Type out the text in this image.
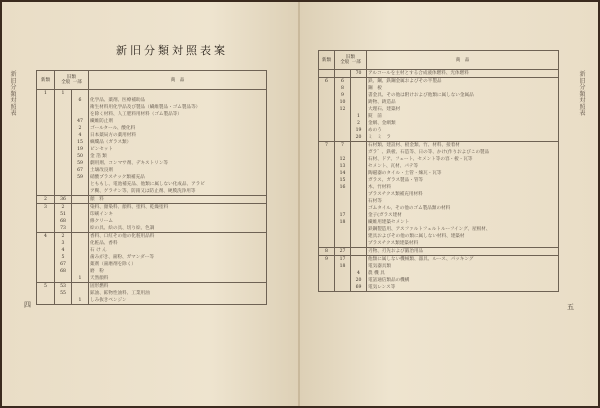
新旧分類対照表
新旧分類対照表案
四
新類	旧類
全般 一部		商　品
1	1		
		6	化学品、薬剤、医療補助品
			衛生材料用化学品及び製品（繊維製品・ゴム製品等）
			を除く材料、人工肥料用材料（ゴム製品等）
		47	繊維防止剤
		2	ゴールタール、酸化料
		4	日本薬局方の薬用材料
		15	蝋燭品（ガラス類）
		19	ピンセット
		50	金 箔 類
		59	劇用剤、コンマサ剤、デキストリン等
		67	土壌改良剤
		59	硝酸プラスチック類補充品
			とももし、電池補充品、他類に属しない化成品、アラビ
			ア糊、ゲラチン等、防錆又は防止剤、硬膜洗浄用等
2	36		顔　料
3	2		染料、顔染料、顔料、塗料、乾燥塗料
	51		印刷インキ
	68		修クリーム
	73		絵の具、絵の具、切り絵、色調
4	2		香料、口紅その他の化粧用品料
	3		化粧品、香料
	4		石 け ん
	5		歯みがき、歯粉、ガマンダー等
	67		薬剤（歯磨剤を除く）
	68		磨　粉
		1	天然顔料
5	53		固形燃料
	55		鉱油、鉱物性油料、工業用油
		1	しみ抜きベンジン
新旧分類対照表
五
新類	旧類
全般 一部		商　品
		70	アルコールを主材とする合成液体燃料、光体燃料
6	6		鉄、鋼、鉄鋼金属およびその半製品
	8		鋼　板
	9		書金具、その他は附けおよび他類に属しない金属品
	10		鋳物、鋳造品
	12		大理石、建築材
		1	錠　前
		2	金網、金網類
		19	めのう
		20	ミ　ミ　ラ
7	7		石材類、建設材、板金類、竹、材料、接着材
			ガラ゛、鉄板、石造等、日の等、かけ(作りおよびこの製品
	12		石材、ドア、フェート、セメント等の容・板・瓦等
	13		セメント、瓦材、パテ等
	14		陶磁器のタイル・土管・煉瓦・瓦等
	15		ガラス、ガラス製品・管等
	16		木、竹材料
			プラスチクス類補充用材料
			石材等
			ゴムタイル、その他のゴム製品類の材料
	17		金子(ガラス建材
	18		繊維用建築セメント
			鉄鋼製造用、アスファルトフェルトルーフイング、屋根材、
			建具およびその他の類に属しない材料、建築材
			プラスチクス類建築材料
8	27		刃物、刃先および鍛冶用品
9	17		他類に属しない機械類、器具、ルース、パッキング
	18		電気器具類
		4	農 機 具
		20	電話通信類品の機構
		69	電気レンス等
